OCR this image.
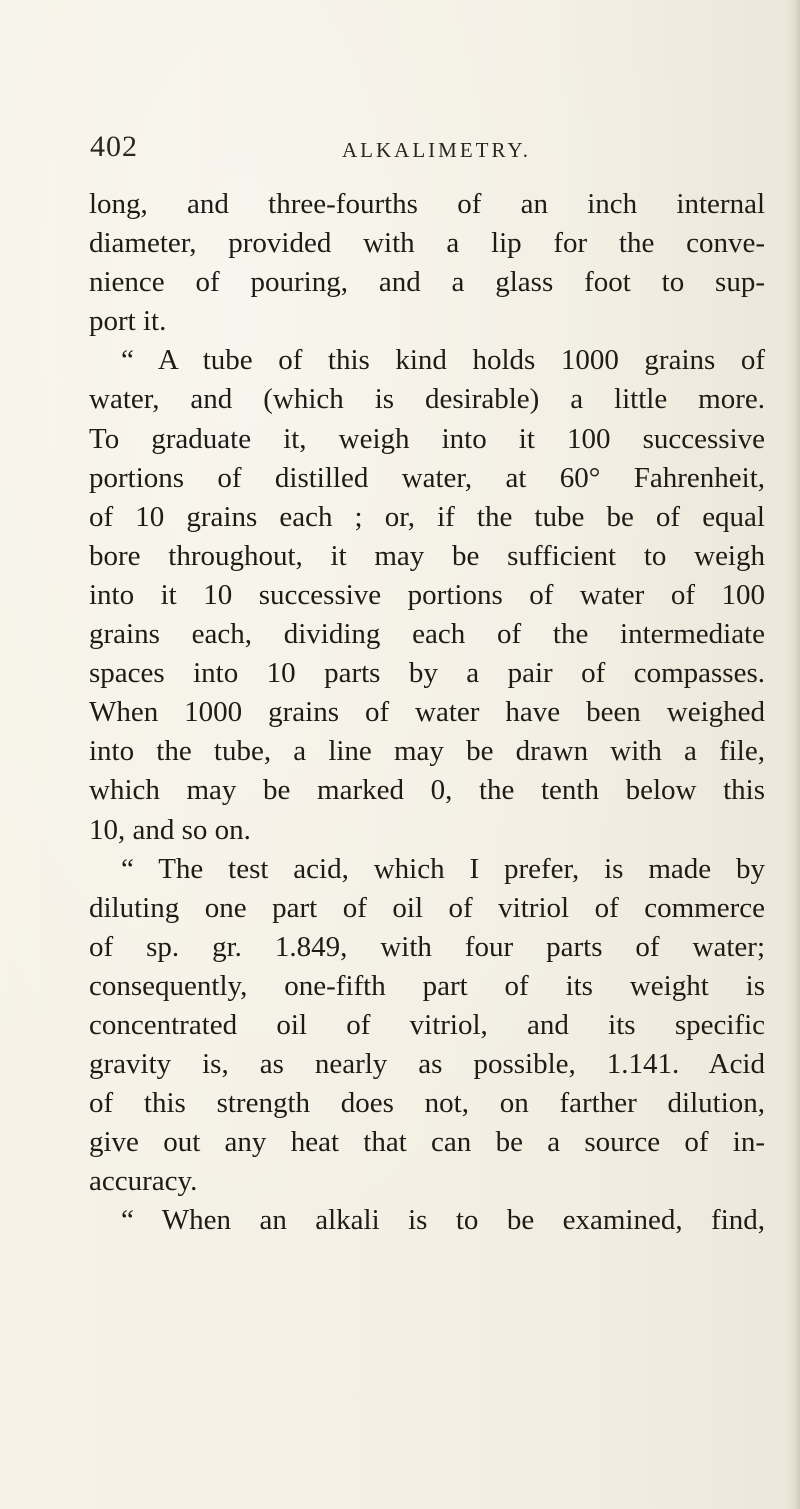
402	ALKALIMETRY.
long, and three-fourths of an inch internal
diameter, provided with a lip for the conve-
nience of pouring, and a glass foot to sup-
port it.
“ A tube of this kind holds 1000 grains of
water, and (which is desirable) a little more.
To graduate it, weigh into it 100 successive
portions of distilled water, at 60° Fahrenheit,
of 10 grains each ; or, if the tube be of equal
bore throughout, it may be sufficient to weigh
into it 10 successive portions of water of 100
grains each, dividing each of the intermediate
spaces into 10 parts by a pair of compasses.
When 1000 grains of water have been weighed
into the tube, a line may be drawn with a file,
which may be marked 0, the tenth below this
10, and so on.
“ The test acid, which I prefer, is made by
diluting one part of oil of vitriol of commerce
of sp. gr. 1.849, with four parts of water;
consequently, one-fifth part of its weight is
concentrated oil of vitriol, and its specific
gravity is, as nearly as possible, 1.141. Acid
of this strength does not, on farther dilution,
give out any heat that can be a source of in-
accuracy.
“ When an alkali is to be examined, find,
